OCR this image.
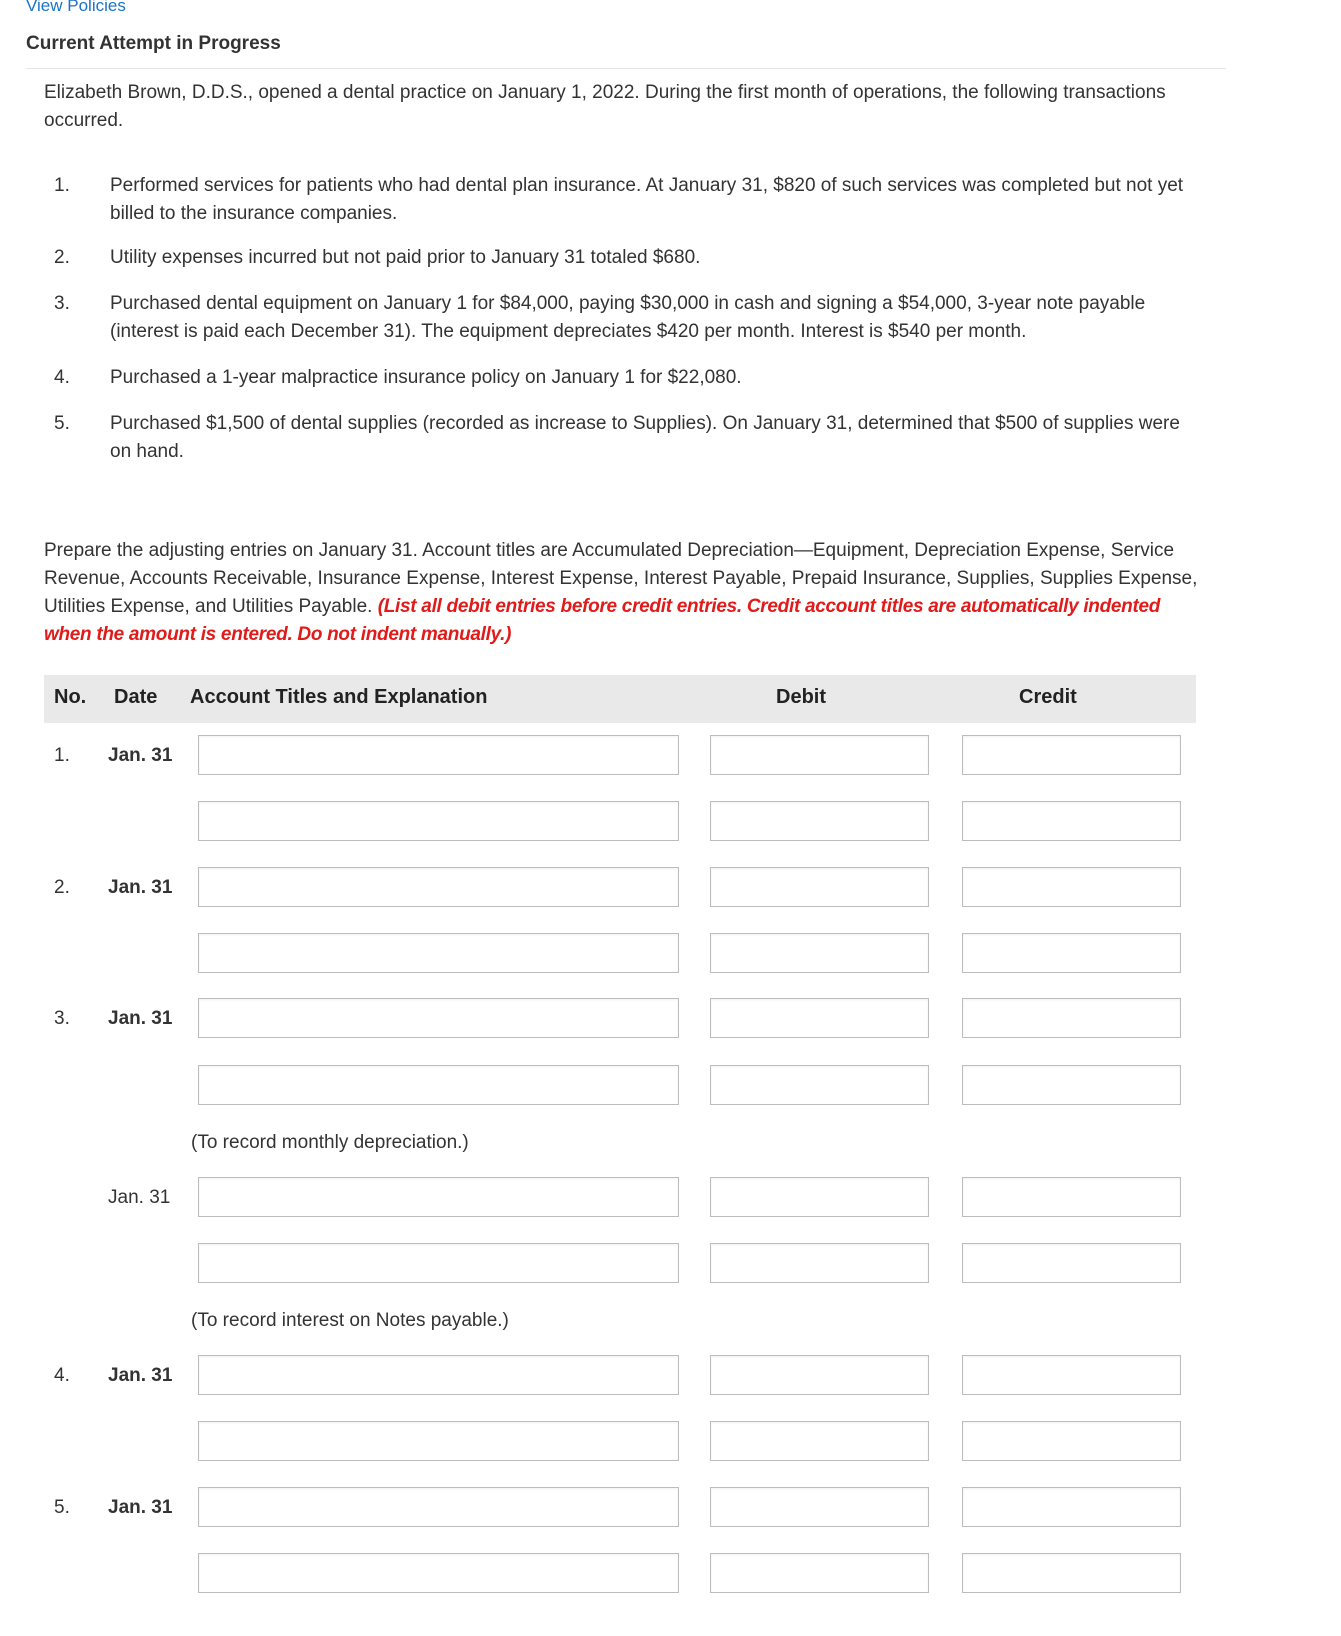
View Policies
Current Attempt in Progress
Elizabeth Brown, D.D.S., opened a dental practice on January 1, 2022. During the first month of operations, the following transactions occurred.
1. Performed services for patients who had dental plan insurance. At January 31, $820 of such services was completed but not yet billed to the insurance companies.
2. Utility expenses incurred but not paid prior to January 31 totaled $680.
3. Purchased dental equipment on January 1 for $84,000, paying $30,000 in cash and signing a $54,000, 3-year note payable (interest is paid each December 31). The equipment depreciates $420 per month. Interest is $540 per month.
4. Purchased a 1-year malpractice insurance policy on January 1 for $22,080.
5. Purchased $1,500 of dental supplies (recorded as increase to Supplies). On January 31, determined that $500 of supplies were on hand.
Prepare the adjusting entries on January 31. Account titles are Accumulated Depreciation—Equipment, Depreciation Expense, Service Revenue, Accounts Receivable, Insurance Expense, Interest Expense, Interest Payable, Prepaid Insurance, Supplies, Supplies Expense, Utilities Expense, and Utilities Payable. (List all debit entries before credit entries. Credit account titles are automatically indented when the amount is entered. Do not indent manually.)
No. Date Account Titles and Explanation	Debit	Credit
1. Jan. 31
2. Jan. 31
3. Jan. 31
(To record monthly depreciation.)
Jan. 31
(To record interest on Notes payable.)
4. Jan. 31
5. Jan. 31
